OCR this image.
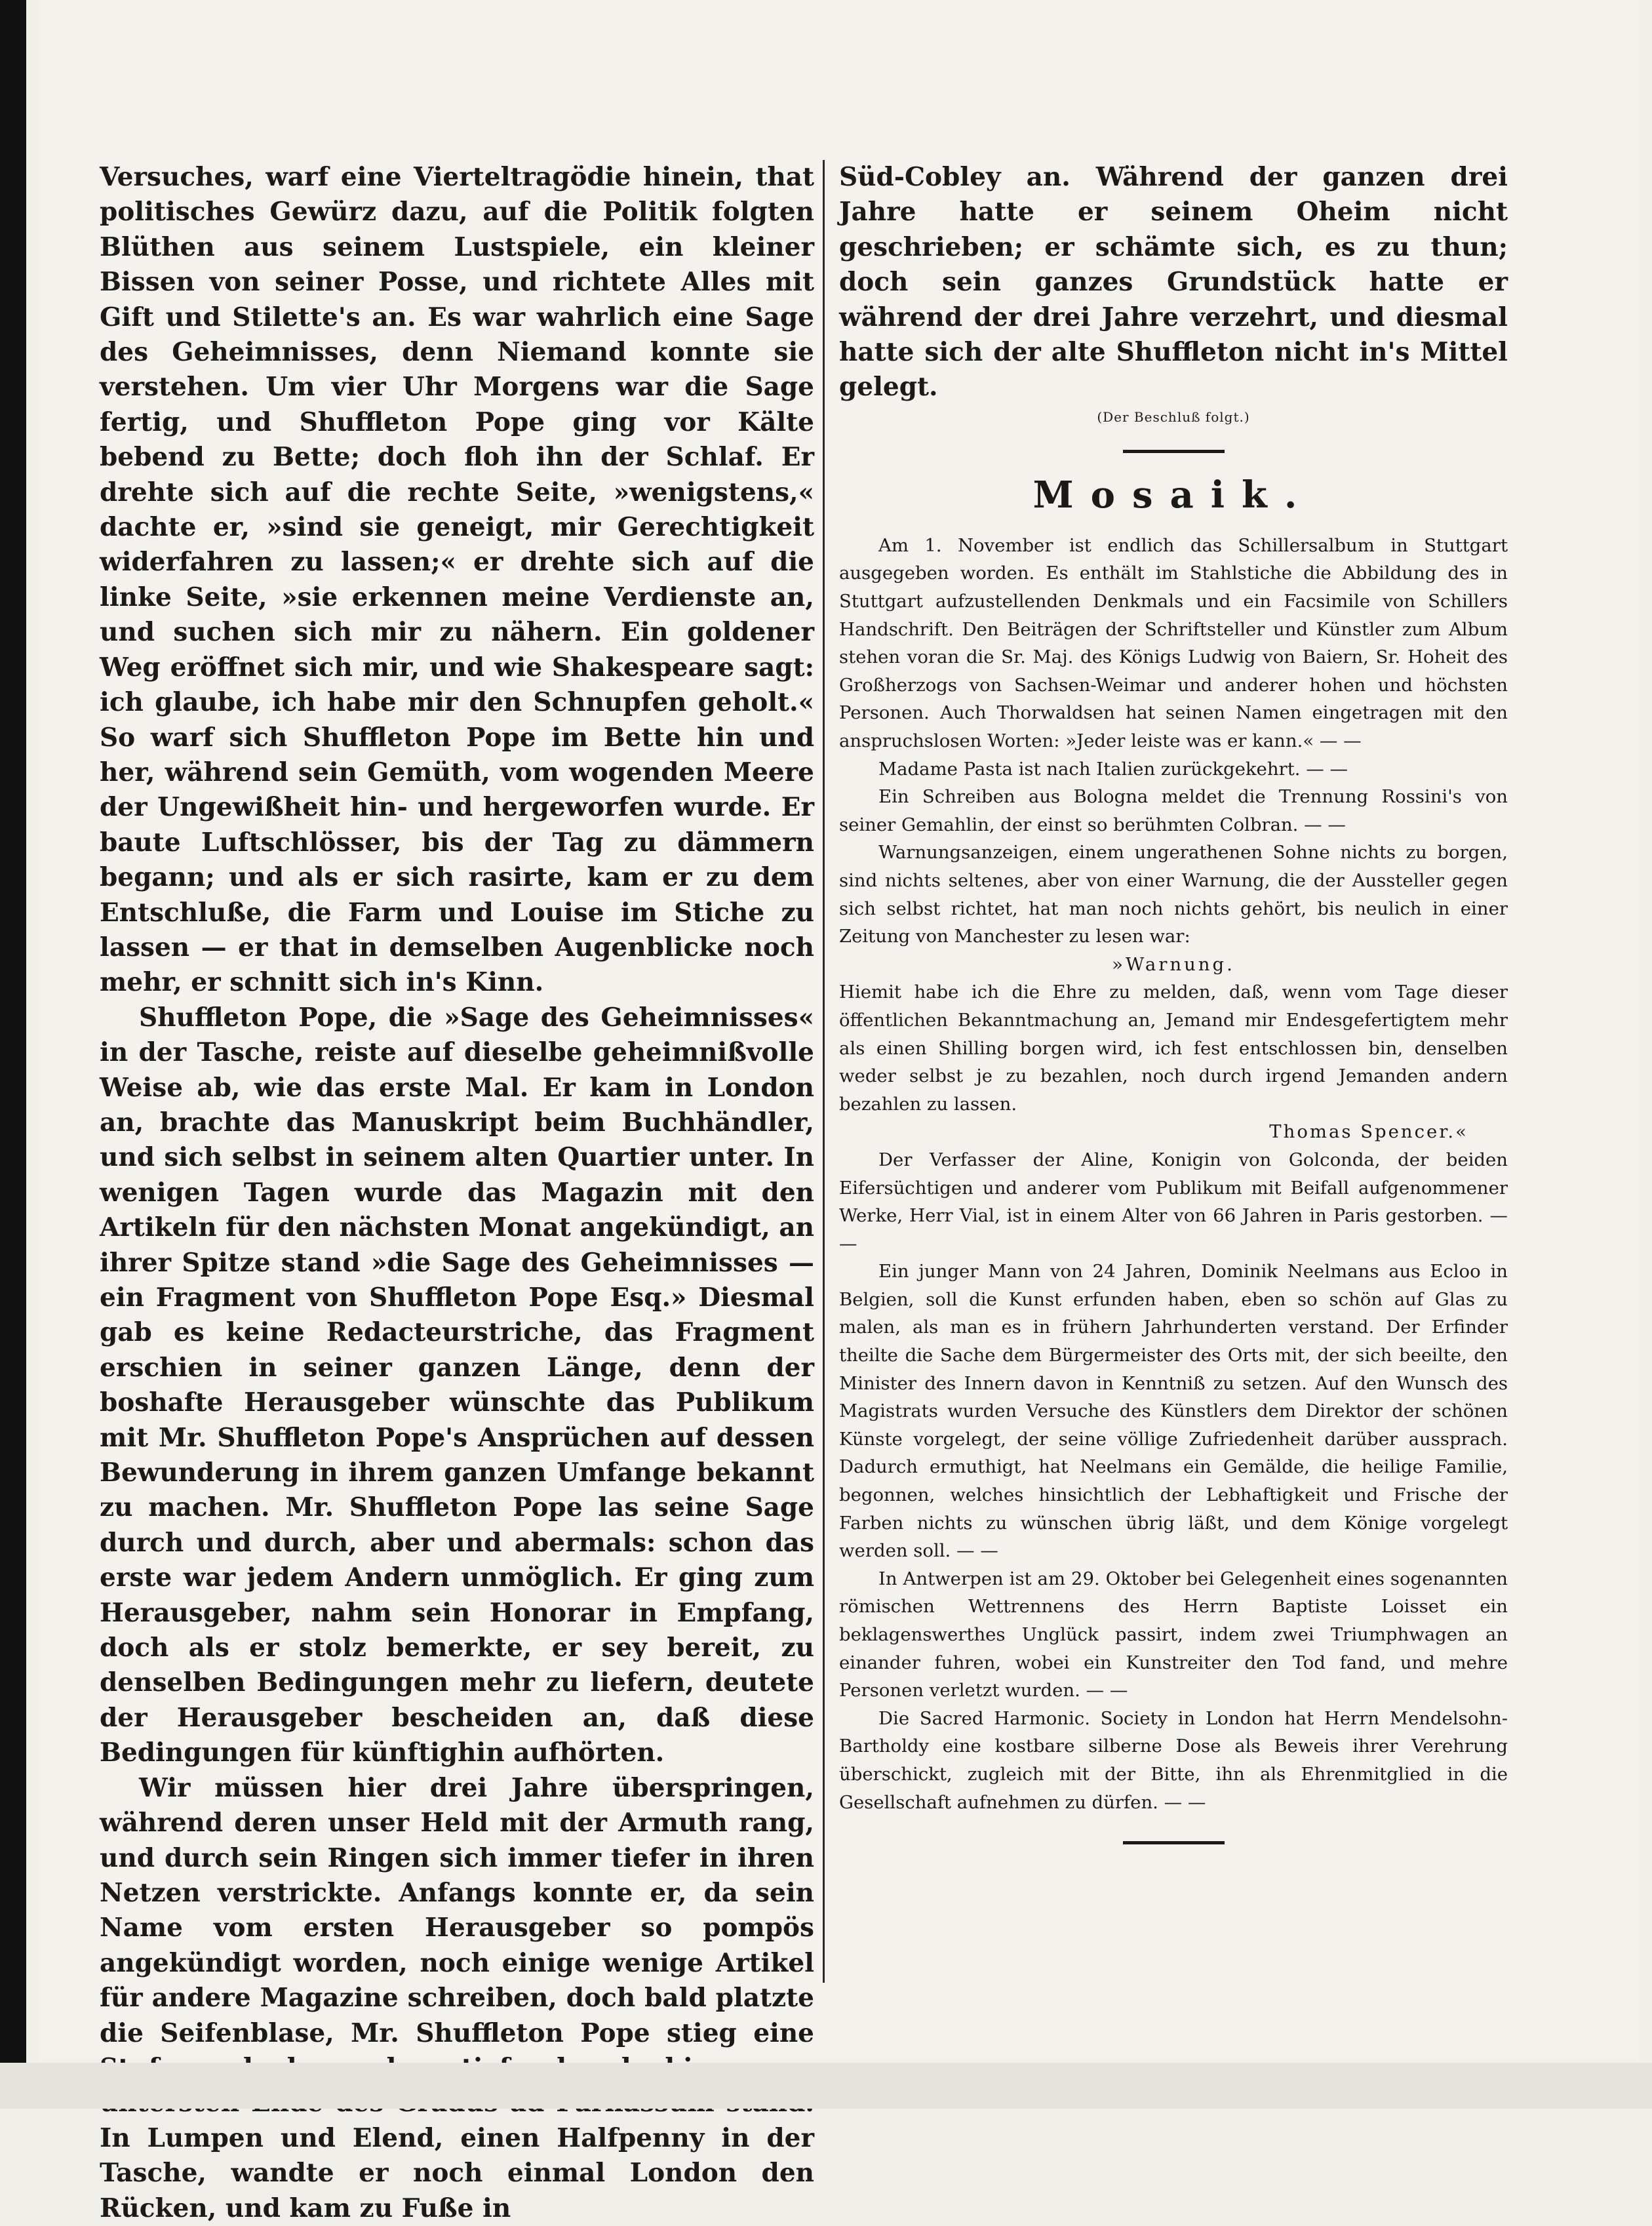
Versuches, warf eine Vierteltragödie hinein, that politisches Gewürz dazu, auf die Politik folgten Blüthen aus seinem Lustspiele, ein kleiner Bissen von seiner Posse, und richtete Alles mit Gift und Stilette's an. Es war wahrlich eine Sage des Geheimnisses, denn Niemand konnte sie verstehen. Um vier Uhr Morgens war die Sage fertig, und Shuffleton Pope ging vor Kälte bebend zu Bette; doch floh ihn der Schlaf. Er drehte sich auf die rechte Seite, »wenigstens,« dachte er, »sind sie geneigt, mir Gerechtigkeit widerfahren zu lassen;« er drehte sich auf die linke Seite, »sie erkennen meine Verdienste an, und suchen sich mir zu nähern. Ein goldener Weg eröffnet sich mir, und wie Shakespeare sagt: ich glaube, ich habe mir den Schnupfen geholt.« So warf sich Shuffleton Pope im Bette hin und her, während sein Gemüth, vom wogenden Meere der Ungewißheit hin- und hergeworfen wurde. Er baute Luftschlösser, bis der Tag zu dämmern begann; und als er sich rasirte, kam er zu dem Entschluße, die Farm und Louise im Stiche zu lassen — er that in demselben Augenblicke noch mehr, er schnitt sich in's Kinn.

Shuffleton Pope, die »Sage des Geheimnisses« in der Tasche, reiste auf dieselbe geheimnißvolle Weise ab, wie das erste Mal. Er kam in London an, brachte das Manuskript beim Buchhändler, und sich selbst in seinem alten Quartier unter. In wenigen Tagen wurde das Magazin mit den Artikeln für den nächsten Monat angekündigt, an ihrer Spitze stand »die Sage des Geheimnisses — ein Fragment von Shuffleton Pope Esq.» Diesmal gab es keine Redacteurstriche, das Fragment erschien in seiner ganzen Länge, denn der boshafte Herausgeber wünschte das Publikum mit Mr. Shuffleton Pope's Ansprüchen auf dessen Bewunderung in ihrem ganzen Umfange bekannt zu machen. Mr. Shuffleton Pope las seine Sage durch und durch, aber und abermals: schon das erste war jedem Andern unmöglich. Er ging zum Herausgeber, nahm sein Honorar in Empfang, doch als er stolz bemerkte, er sey bereit, zu denselben Bedingungen mehr zu liefern, deutete der Herausgeber bescheiden an, daß diese Bedingungen für künftighin aufhörten.

Wir müssen hier drei Jahre überspringen, während deren unser Held mit der Armuth rang, und durch sein Ringen sich immer tiefer in ihren Netzen verstrickte. Anfangs konnte er, da sein Name vom ersten Herausgeber so pompös angekündigt worden, noch einige wenige Artikel für andere Magazine schreiben, doch bald platzte die Seifenblase, Mr. Shuffleton Pope stieg eine In Lumpen und Elend, einen Halfpenny in der Tasche, wandte er noch einmal London den Rücken, und kam zu Fuße in

Süd-Cobley an. Während der ganzen drei Jahre hatte er seinem Oheim nicht geschrieben; er schämte sich, es zu thun; doch sein ganzes Grundstück hatte er während der drei Jahre verzehrt, und diesmal hatte sich der alte Shuffleton nicht in's Mittel gelegt.

(Der Beschluß folgt.)
Mosaik.

Am 1. November ist endlich das Schillersalbum in Stuttgart ausgegeben worden. Es enthält im Stahlstiche die Abbildung des in Stuttgart aufzustellenden Denkmals und ein Facsimile von Schillers Handschrift. Den Beiträgen der Schriftsteller und Künstler zum Album stehen voran die Sr. Maj. des Königs Ludwig von Baiern, Sr. Hoheit des Großherzogs von Sachsen-Weimar und anderer hohen und höchsten Personen. Auch Thorwaldsen hat seinen Namen eingetragen mit den anspruchslosen Worten: »Jeder leiste was er kann.« — —

Madame Pasta ist nach Italien zurückgekehrt. — —

Ein Schreiben aus Bologna meldet die Trennung Rossini's von seiner Gemahlin, der einst so berühmten Colbran. — —

Warnungsanzeigen, einem ungerathenen Sohne nichts zu borgen, sind nichts seltenes, aber von einer Warnung, die der Aussteller gegen sich selbst richtet, hat man noch nichts gehört, bis neulich in einer Zeitung von Manchester zu lesen war:

»Warnung.

Hiemit habe ich die Ehre zu melden, daß, wenn vom Tage dieser öffentlichen Bekanntmachung an, Jemand mir Endesgefertigtem mehr als einen Shilling borgen wird, ich fest entschlossen bin, denselben weder selbst je zu bezahlen, noch durch irgend Jemanden andern bezahlen zu lassen.

Thomas Spencer.«

Der Verfasser der Aline, Konigin von Golconda, der beiden Eifersüchtigen und anderer vom Publikum mit Beifall aufgenommener Werke, Herr Vial, ist in einem Alter von 66 Jahren in Paris gestorben. — —

Ein junger Mann von 24 Jahren, Dominik Neelmans aus Ecloo in Belgien, soll die Kunst erfunden haben, eben so schön auf Glas zu malen, als man es in frühern Jahrhunderten verstand. Der Erfinder theilte die Sache dem Bürgermeister des Orts mit, der sich beeilte, den Minister des Innern davon in Kenntniß zu setzen. Auf den Wunsch des Magistrats wurden Versuche des Künstlers dem Direktor der schönen Künste vorgelegt, der seine völlige Zufriedenheit darüber aussprach. Dadurch ermuthigt, hat Neelmans ein Gemälde, die heilige Familie, begonnen, welches hinsichtlich der Lebhaftigkeit und Frische der Farben nichts zu wünschen übrig läßt, und dem Könige vorgelegt werden soll. — —

In Antwerpen ist am 29. Oktober bei Gelegenheit eines sogenannten römischen Wettrennens des Herrn Baptiste Loisset ein beklagenswerthes Unglück passirt, indem zwei Triumphwagen an einander fuhren, wobei ein Kunstreiter den Tod fand, und mehre Personen verletzt wurden. — —

Die Sacred Harmonic. Society in London hat Herrn Mendelsohn-Bartholdy eine kostbare silberne Dose als Beweis ihrer Verehrung überschickt, zugleich mit der Bitte, ihn als Ehrenmitglied in die Gesellschaft aufnehmen zu dürfen. — —
